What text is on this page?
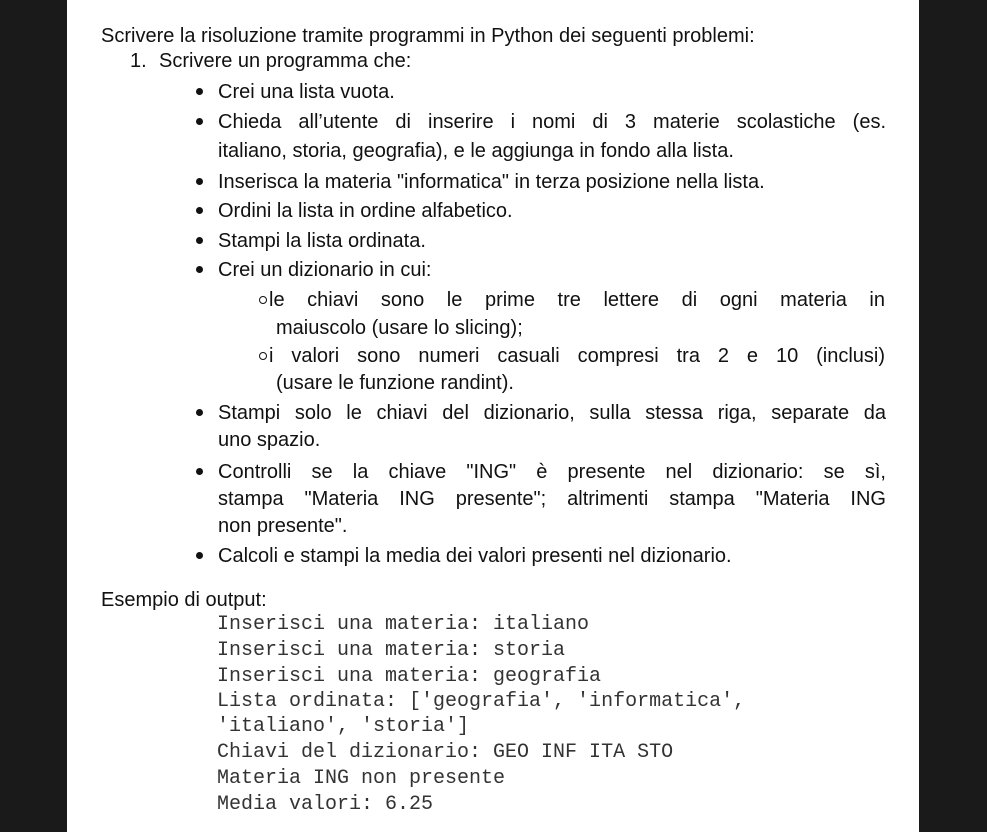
Scrivere la risoluzione tramite programmi in Python dei seguenti problemi:
1. Scrivere un programma che:
Crei una lista vuota.
Chieda all’utente di inserire i nomi di 3 materie scolastiche (es.
italiano, storia, geografia), e le aggiunga in fondo alla lista.
Inserisca la materia "informatica" in terza posizione nella lista.
Ordini la lista in ordine alfabetico.
Stampi la lista ordinata.
Crei un dizionario in cui:
le chiavi sono le prime tre lettere di ogni materia in
maiuscolo (usare lo slicing);
i valori sono numeri casuali compresi tra 2 e 10 (inclusi)
(usare le funzione randint).
Stampi solo le chiavi del dizionario, sulla stessa riga, separate da
uno spazio.
Controlli se la chiave "ING" è presente nel dizionario: se sì,
stampa "Materia ING presente"; altrimenti stampa "Materia ING
non presente".
Calcoli e stampi la media dei valori presenti nel dizionario.
Esempio di output:
Inserisci una materia: italiano
Inserisci una materia: storia
Inserisci una materia: geografia
Lista ordinata: ['geografia', 'informatica',
'italiano', 'storia']
Chiavi del dizionario: GEO INF ITA STO
Materia ING non presente
Media valori: 6.25
